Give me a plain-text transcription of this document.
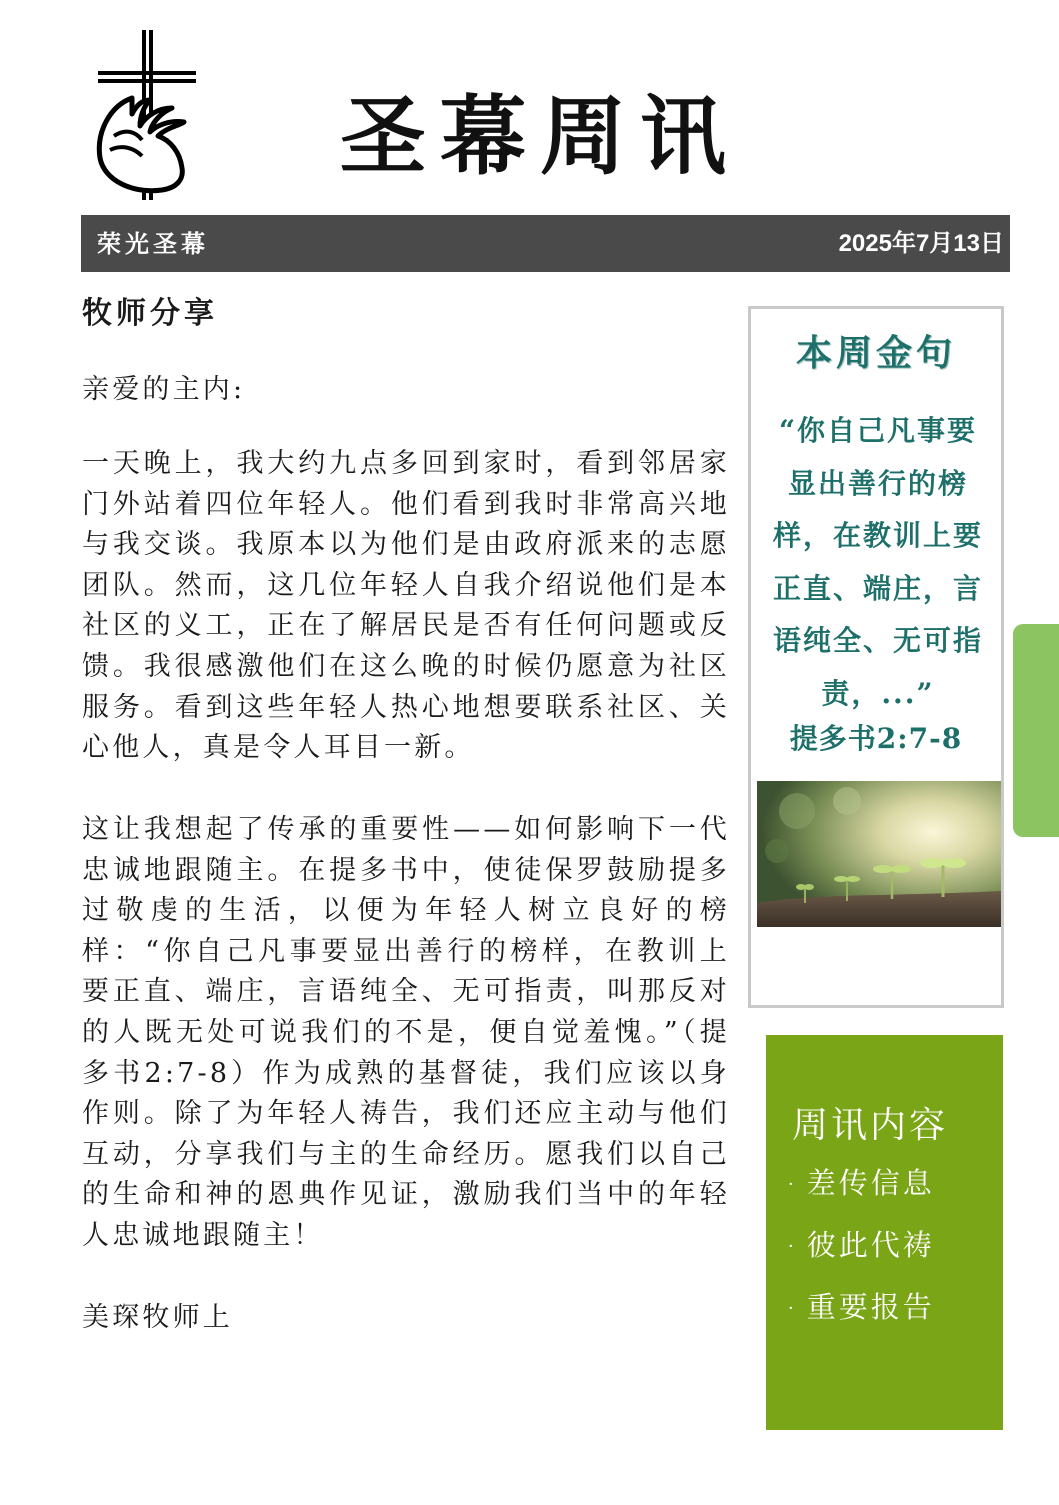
圣幕周讯
荣光圣幕	2025年7月13日
牧师分享
亲爱的主内:
一天晚上，我大约九点多回到家时，看到邻居家门外站着四位年轻人。他们看到我时非常高兴地与我交谈。我原本以为他们是由政府派来的志愿团队。然而，这几位年轻人自我介绍说他们是本社区的义工，正在了解居民是否有任何问题或反馈。我很感激他们在这么晚的时候仍愿意为社区服务。看到这些年轻人热心地想要联系社区、关心他人，真是令人耳目一新。
这让我想起了传承的重要性——如何影响下一代忠诚地跟随主。在提多书中，使徒保罗鼓励提多过敬虔的生活，以便为年轻人树立良好的榜样：“你自己凡事要显出善行的榜样，在教训上要正直、端庄，言语纯全、无可指责，叫那反对的人既无处可说我们的不是，便自觉羞愧。”（提多书2:7-8）作为成熟的基督徒，我们应该以身作则。除了为年轻人祷告，我们还应主动与他们互动，分享我们与主的生命经历。愿我们以自己的生命和神的恩典作见证，激励我们当中的年轻人忠诚地跟随主！
美琛牧师上
本周金句
“你自己凡事要显出善行的榜样，在教训上要正直、端庄，言语纯全、无可指责，...”
提多书2:7-8
周讯内容
· 差传信息
· 彼此代祷
· 重要报告
